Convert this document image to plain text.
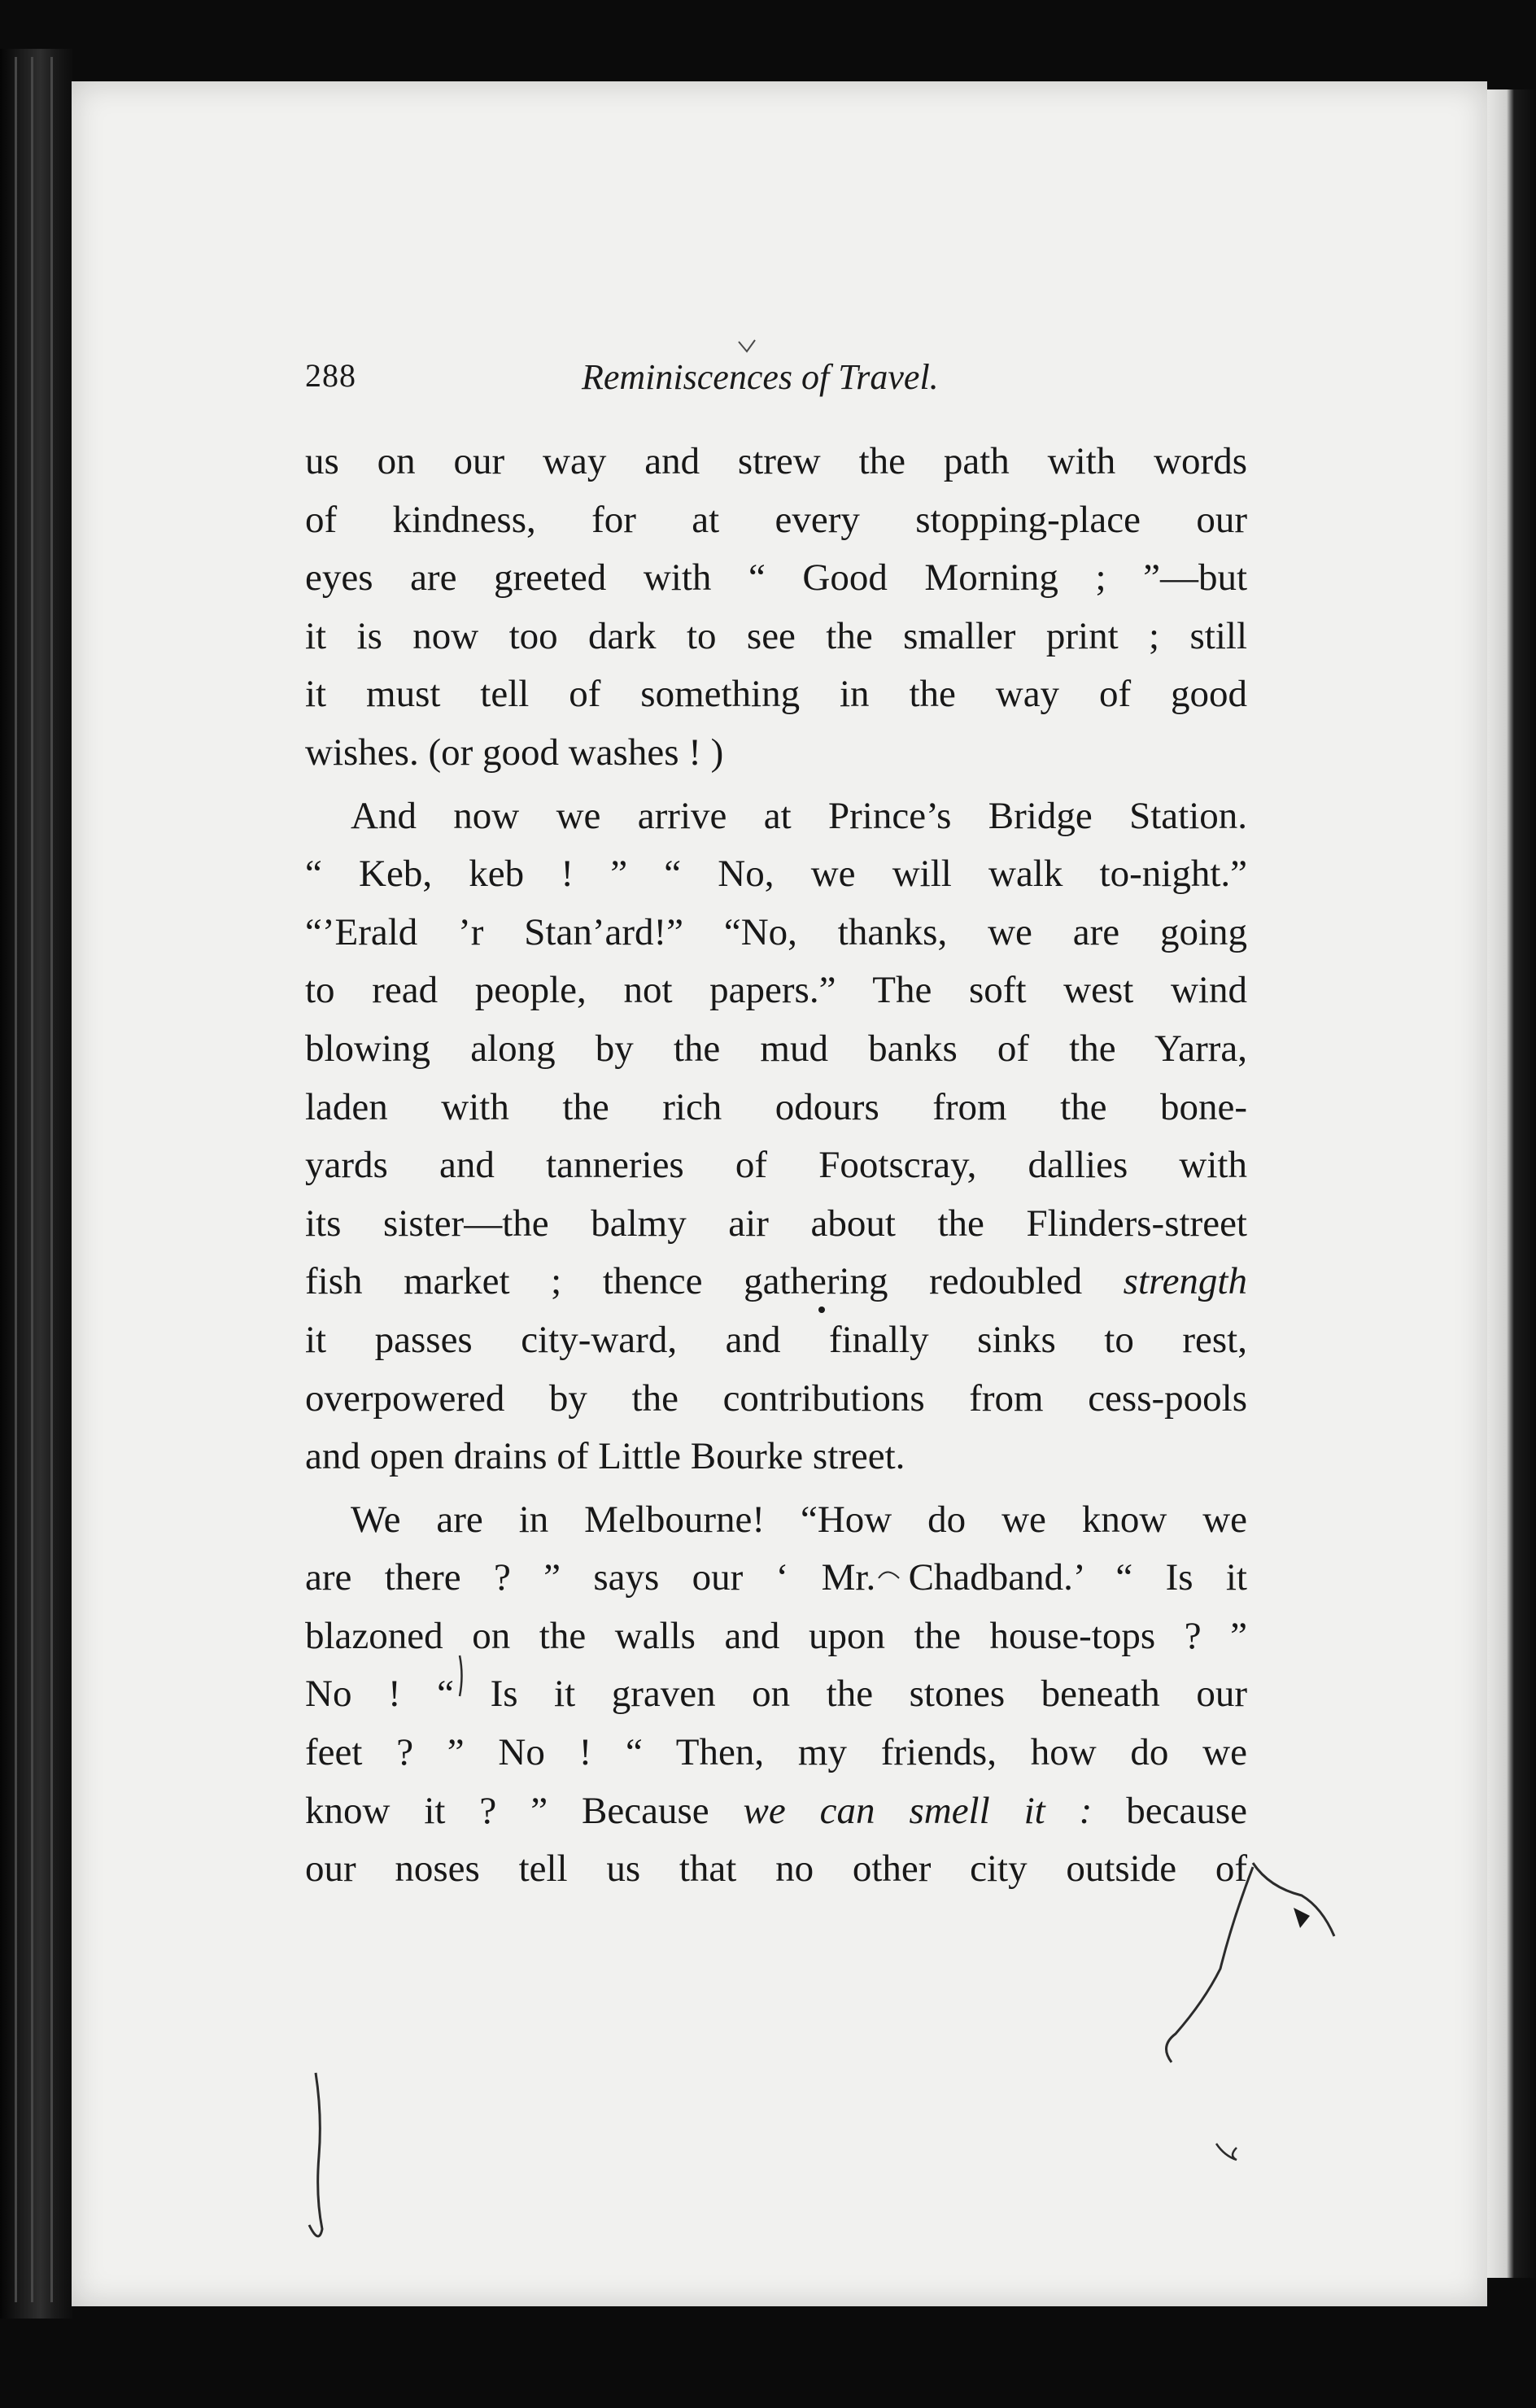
288	Reminiscences of Travel.
us on our way and strew the path with words
of kindness, for at every stopping-place our
eyes are greeted with “ Good Morning ; ”—but
it is now too dark to see the smaller print ; still
it must tell of something in the way of good
wishes. (or good washes ! )
And now we arrive at Prince’s Bridge Station.
“ Keb, keb ! ” “ No, we will walk to-night.”
“’Erald ’r Stan’ard!” “No, thanks, we are going
to read people, not papers.” The soft west wind
blowing along by the mud banks of the Yarra,
laden with the rich odours from the bone-
yards and tanneries of Footscray, dallies with
its sister—the balmy air about the Flinders-street
fish market ; thence gathering redoubled strength
it passes city-ward, and finally sinks to rest,
overpowered by the contributions from cess-pools
and open drains of Little Bourke street.
We are in Melbourne! “How do we know we
are there ? ” says our ‘ Mr. Chadband.’ “ Is it
blazoned on the walls and upon the house-tops ? ”
No ! “ Is it graven on the stones beneath our
feet ? ” No ! “ Then, my friends, how do we
know it ? ” Because we can smell it : because
our noses tell us that no other city outside of
